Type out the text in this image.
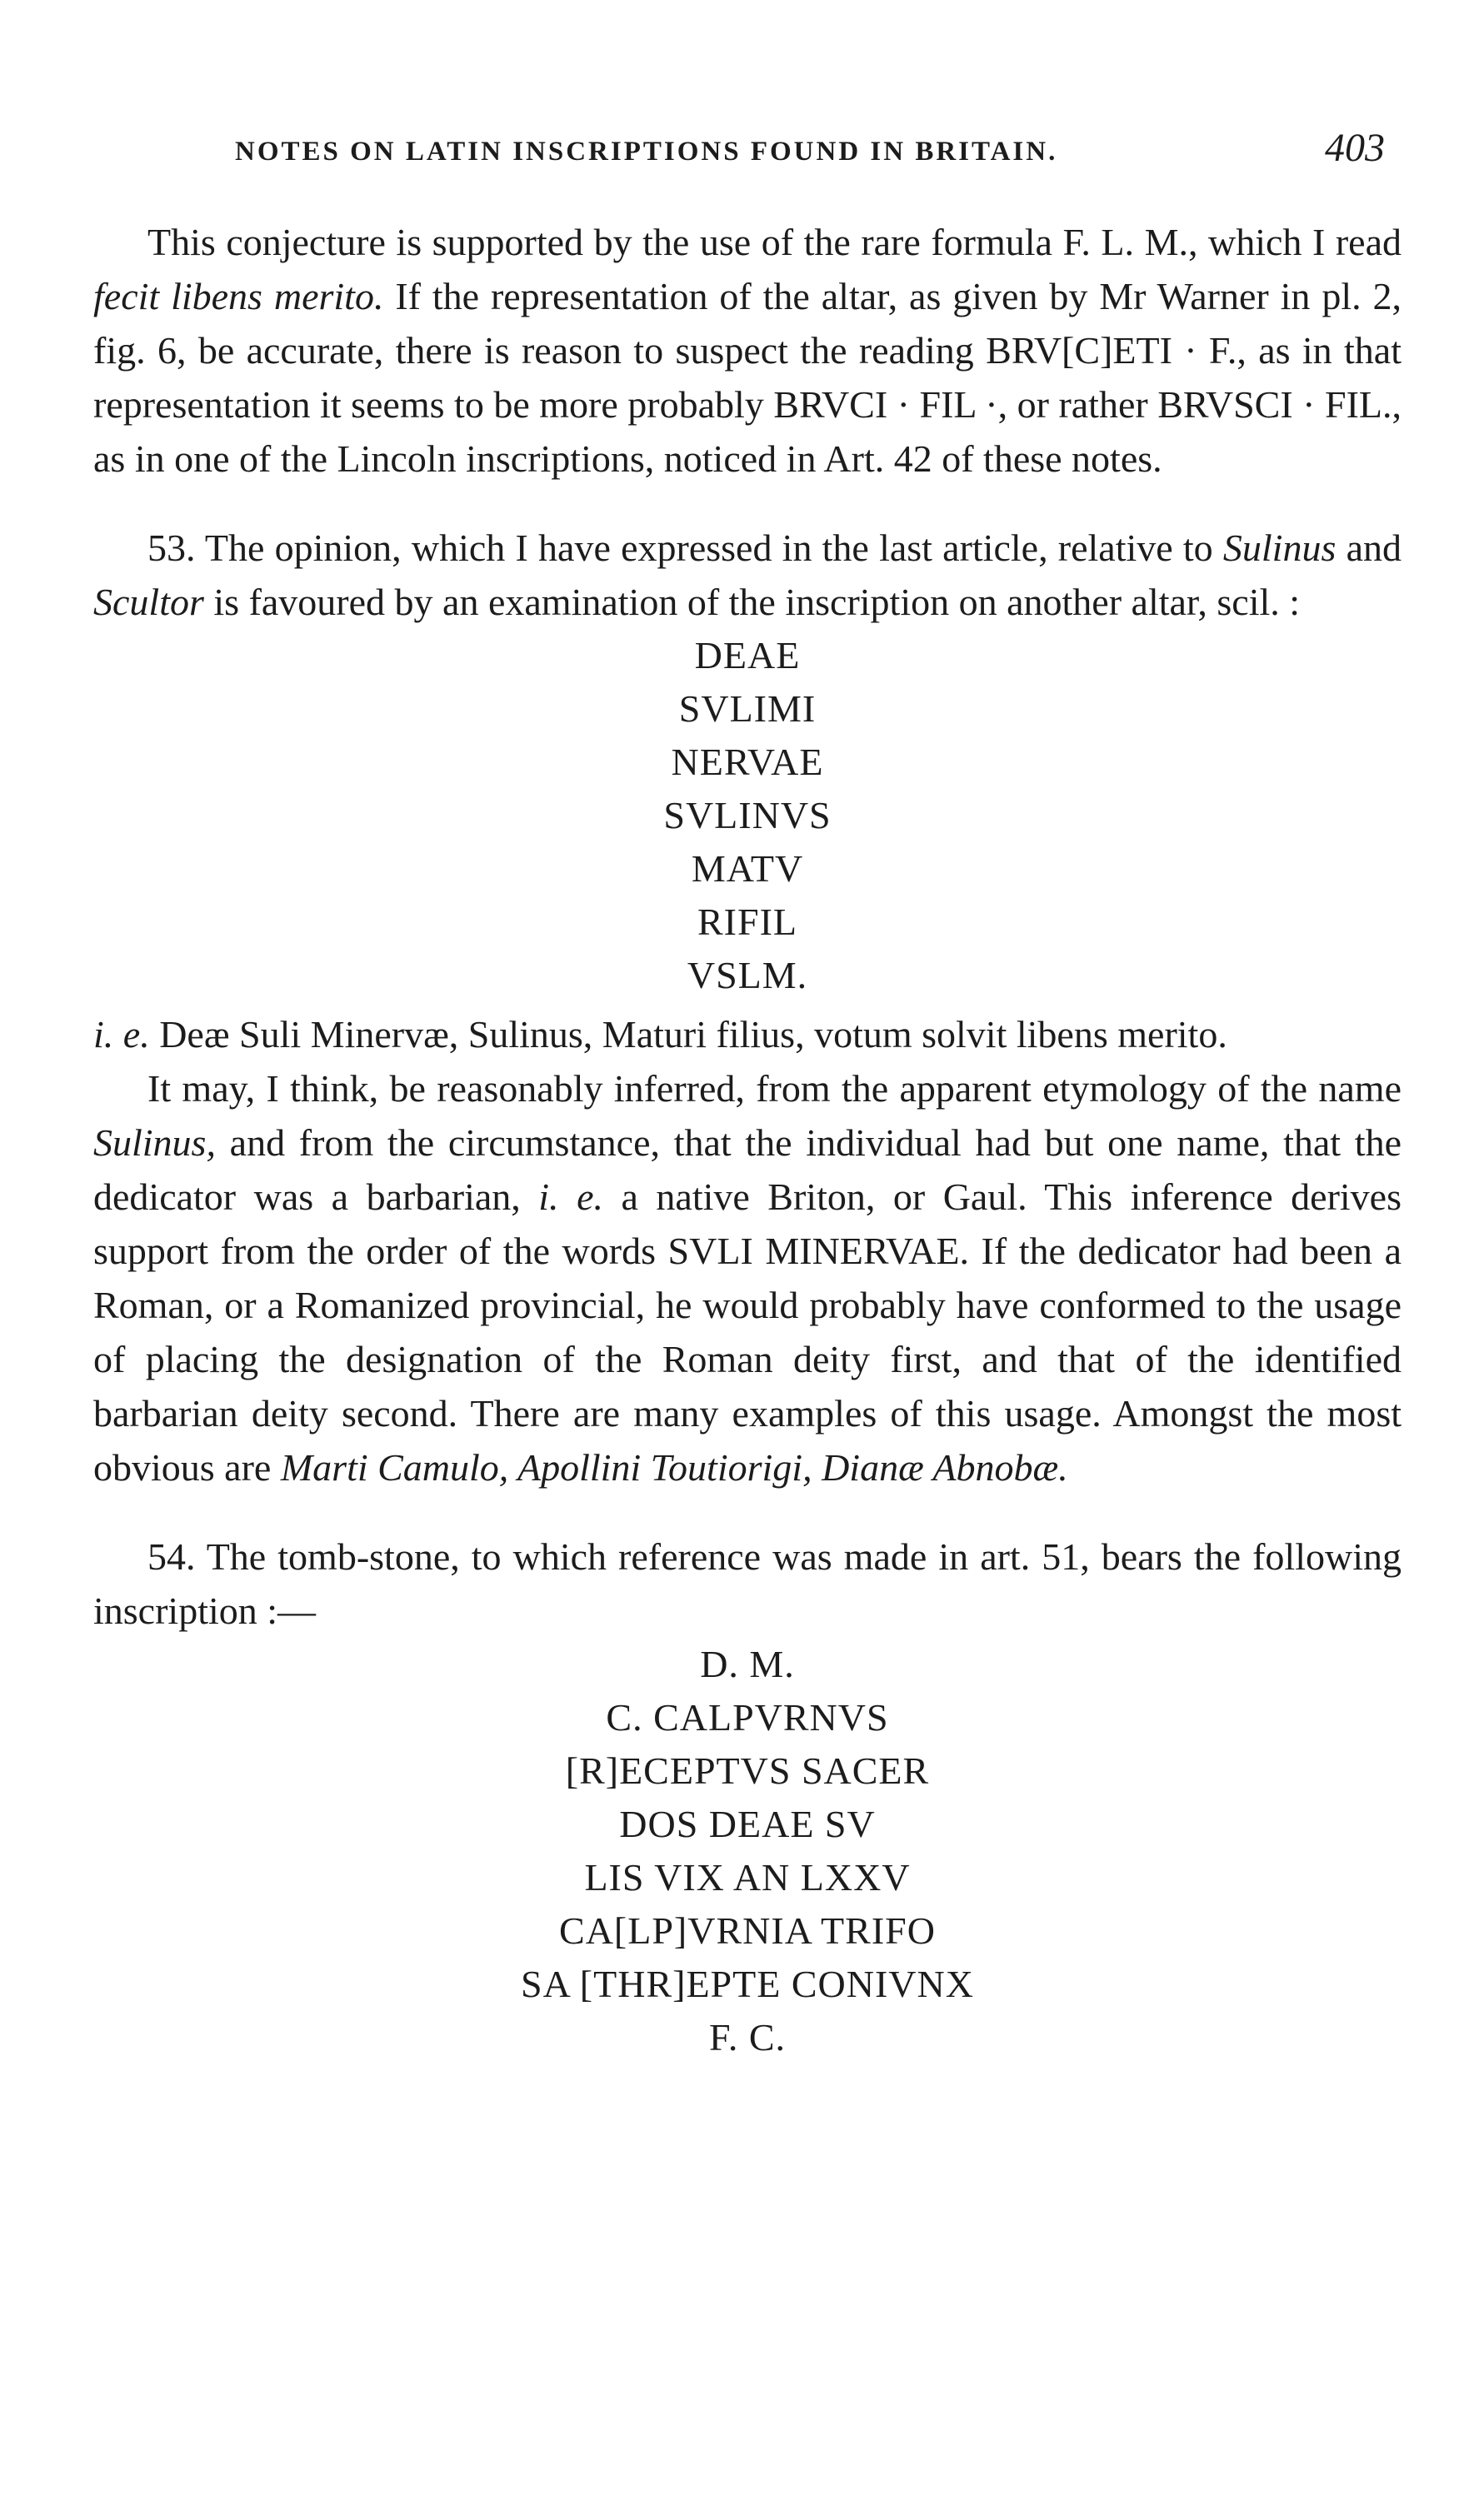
NOTES ON LATIN INSCRIPTIONS FOUND IN BRITAIN.	403

This conjecture is supported by the use of the rare formula F. L. M., which I read fecit libens merito. If the representation of the altar, as given by Mr Warner in pl. 2, fig. 6, be accurate, there is reason to suspect the reading BRV[C]ETI · F., as in that representation it seems to be more probably BRVCI · FIL ·, or rather BRVSCI · FIL., as in one of the Lincoln inscriptions, noticed in Art. 42 of these notes.

53. The opinion, which I have expressed in the last article, relative to Sulinus and Scultor is favoured by an examination of the inscription on another altar, scil. :

DEAE
SVLIMI
NERVAE
SVLINVS
MATV
RIFIL
VSLM.

i. e. Deæ Suli Minervæ, Sulinus, Maturi filius, votum solvit libens merito.

It may, I think, be reasonably inferred, from the apparent etymology of the name Sulinus, and from the circumstance, that the individual had but one name, that the dedicator was a barbarian, i. e. a native Briton, or Gaul. This inference derives support from the order of the words SVLI MINERVAE. If the dedicator had been a Roman, or a Romanized provincial, he would probably have conformed to the usage of placing the designation of the Roman deity first, and that of the identified barbarian deity second. There are many examples of this usage. Amongst the most obvious are Marti Camulo, Apollini Toutiorigi, Dianæ Abnobæ.

54. The tomb-stone, to which reference was made in art. 51, bears the following inscription :—

D. M.
C. CALPVRNVS
[R]ECEPTVS SACER
DOS DEAE SV
LIS VIX AN LXXV
CA[LP]VRNIA TRIFO
SA [THR]EPTE CONIVNX
F. C.
